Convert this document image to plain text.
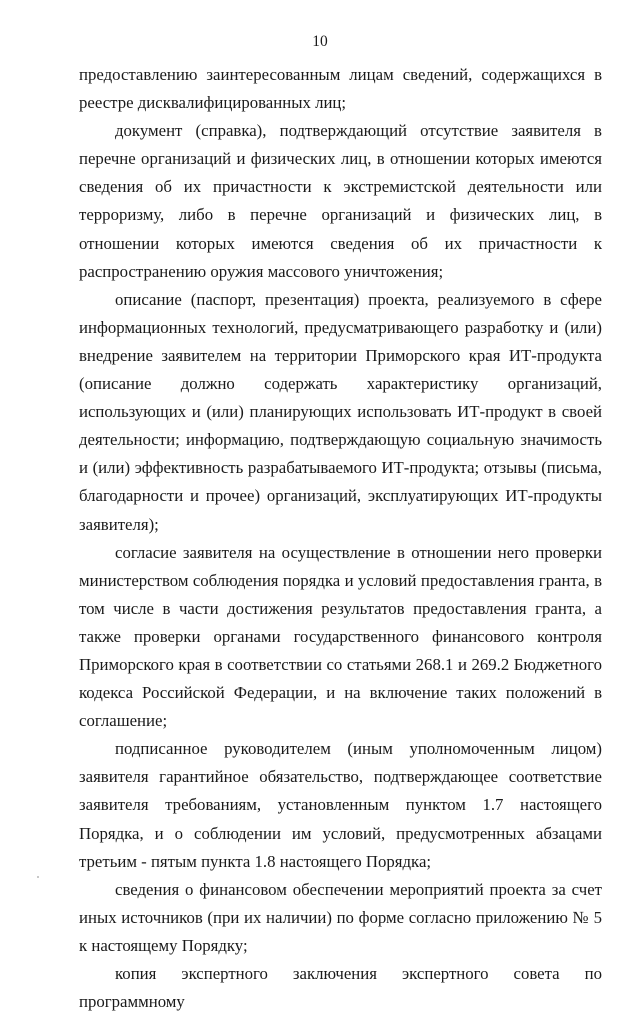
10

предоставлению заинтересованным лицам сведений, содержащихся в реестре дисквалифицированных лиц;

документ (справка), подтверждающий отсутствие заявителя в перечне организаций и физических лиц, в отношении которых имеются сведения об их причастности к экстремистской деятельности или терроризму, либо в перечне организаций и физических лиц, в отношении которых имеются сведения об их причастности к распространению оружия массового уничтожения;

описание (паспорт, презентация) проекта, реализуемого в сфере информационных технологий, предусматривающего разработку и (или) внедрение заявителем на территории Приморского края ИТ-продукта (описание должно содержать характеристику организаций, использующих и (или) планирующих использовать ИТ-продукт в своей деятельности; информацию, подтверждающую социальную значимость и (или) эффективность разрабатываемого ИТ-продукта; отзывы (письма, благодарности и прочее) организаций, эксплуатирующих ИТ-продукты заявителя);

согласие заявителя на осуществление в отношении него проверки министерством соблюдения порядка и условий предоставления гранта, в том числе в части достижения результатов предоставления гранта, а также проверки органами государственного финансового контроля Приморского края в соответствии со статьями 268.1 и 269.2 Бюджетного кодекса Российской Федерации, и на включение таких положений в соглашение;

подписанное руководителем (иным уполномоченным лицом) заявителя гарантийное обязательство, подтверждающее соответствие заявителя требованиям, установленным пунктом 1.7 настоящего Порядка, и о соблюдении им условий, предусмотренных абзацами третьим - пятым пункта 1.8 настоящего Порядка;

сведения о финансовом обеспечении мероприятий проекта за счет иных источников (при их наличии) по форме согласно приложению № 5 к настоящему Порядку;

копия экспертного заключения экспертного совета по программному
